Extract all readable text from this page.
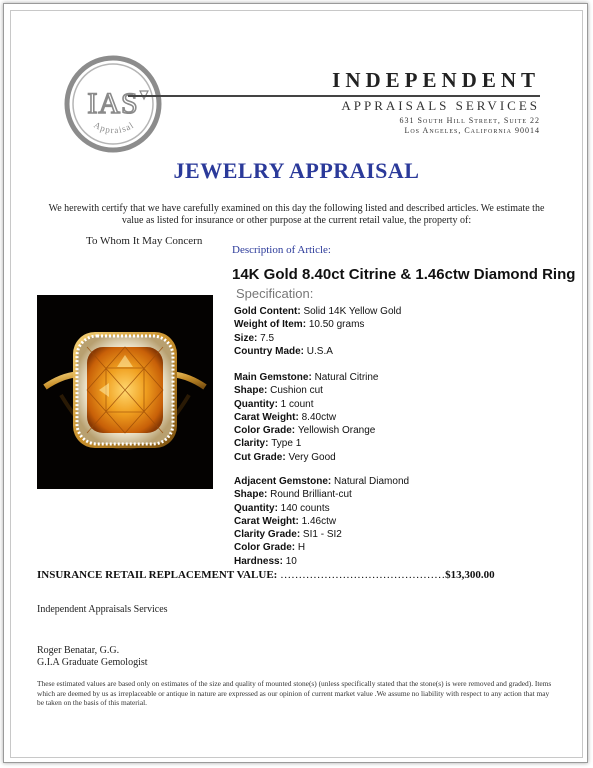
IAS
Appraisal
INDEPENDENT
APPRAISALS SERVICES
631 South Hill Street, Suite 22
Los Angeles, California 90014
JEWELRY APPRAISAL
We herewith certify that we have carefully examined on this day the following listed and described articles. We estimate the value as listed for insurance or other purpose at the current retail value, the property of:
To Whom It May Concern
Description of Article:
14K Gold 8.40ct Citrine & 1.46ctw Diamond Ring
Specification:
Gold Content: Solid 14K Yellow Gold
Weight of Item: 10.50 grams
Size: 7.5
Country Made: U.S.A
Main Gemstone: Natural Citrine
Shape: Cushion cut
Quantity: 1 count
Carat Weight: 8.40ctw
Color Grade: Yellowish Orange
Clarity: Type 1
Cut Grade: Very Good
Adjacent Gemstone: Natural Diamond
Shape: Round Brilliant-cut
Quantity: 140 counts
Carat Weight: 1.46ctw
Clarity Grade: SI1 - SI2
Color Grade: H
Hardness: 10
INSURANCE RETAIL REPLACEMENT VALUE: ………………………………………$13,300.00
Independent Appraisals Services
Roger Benatar, G.G.
G.I.A Graduate Gemologist
These estimated values are based only on estimates of the size and quality of mounted stone(s) (unless specifically stated that the stone(s) is were removed and graded). Items which are deemed by us as irreplaceable or antique in nature are expressed as our opinion of current market value .We assume no liability with respect to any action that may be taken on the basis of this material.
